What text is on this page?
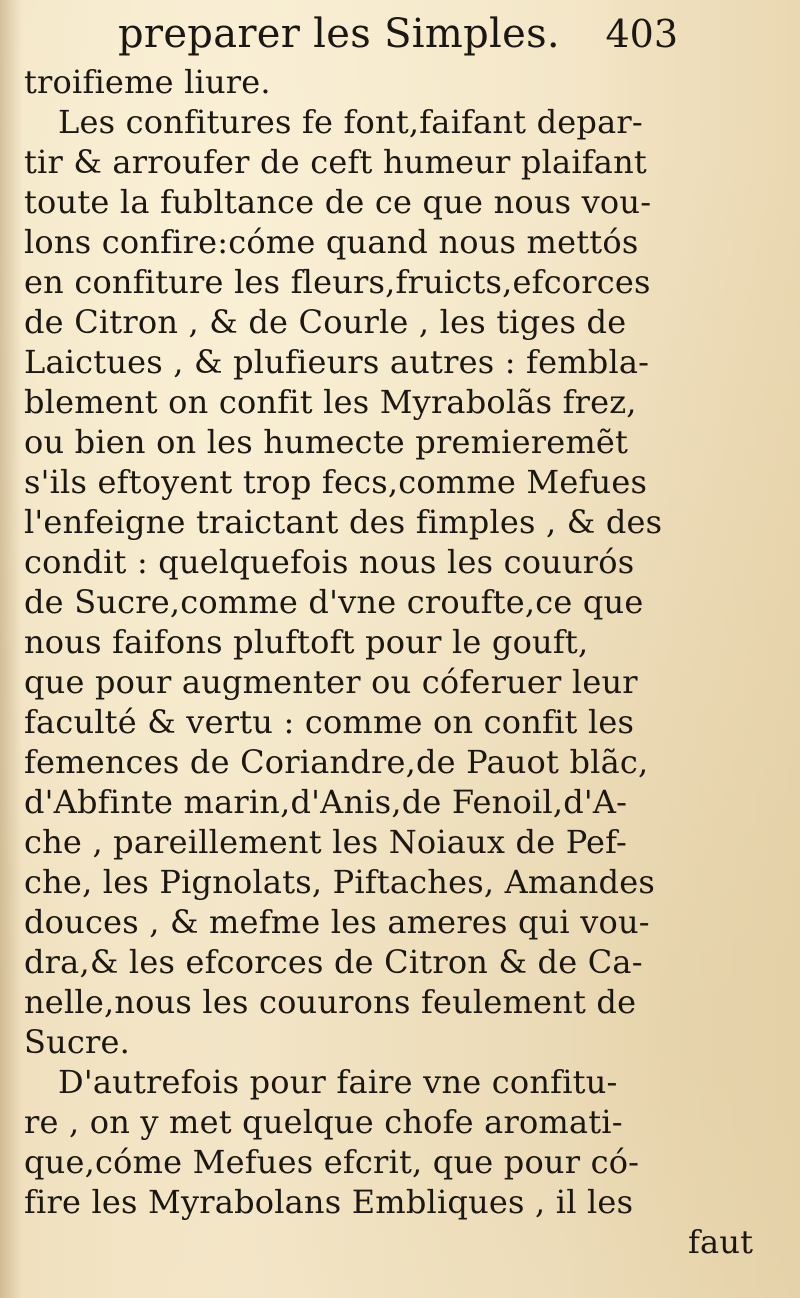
preparer les Simples. 403
troifieme liure.
Les confitures fe font,faifant depar-
tir & arroufer de ceft humeur plaifant
toute la fubltance de ce que nous vou-
lons confire:cóme quand nous mettós
en confiture les fleurs,fruicts,efcorces
de Citron , & de Courle , les tiges de
Laictues , & plufieurs autres : fembla-
blement on confit les Myrabolãs frez,
ou bien on les humecte premieremẽt
s'ils eftoyent trop fecs,comme Mefues
l'enfeigne traictant des fimples , & des
condit : quelquefois nous les couurós
de Sucre,comme d'vne croufte,ce que
nous faifons pluftoft pour le gouft,
que pour augmenter ou cóferuer leur
faculté & vertu : comme on confit les
femences de Coriandre,de Pauot blãc,
d'Abfinte marin,d'Anis,de Fenoil,d'A-
che , pareillement les Noiaux de Pef-
che, les Pignolats, Piftaches, Amandes
douces , & mefme les ameres qui vou-
dra,& les efcorces de Citron & de Ca-
nelle,nous les couurons feulement de
Sucre.
D'autrefois pour faire vne confitu-
re , on y met quelque chofe aromati-
que,cóme Mefues efcrit, que pour có-
fire les Myrabolans Embliques , il les
faut
